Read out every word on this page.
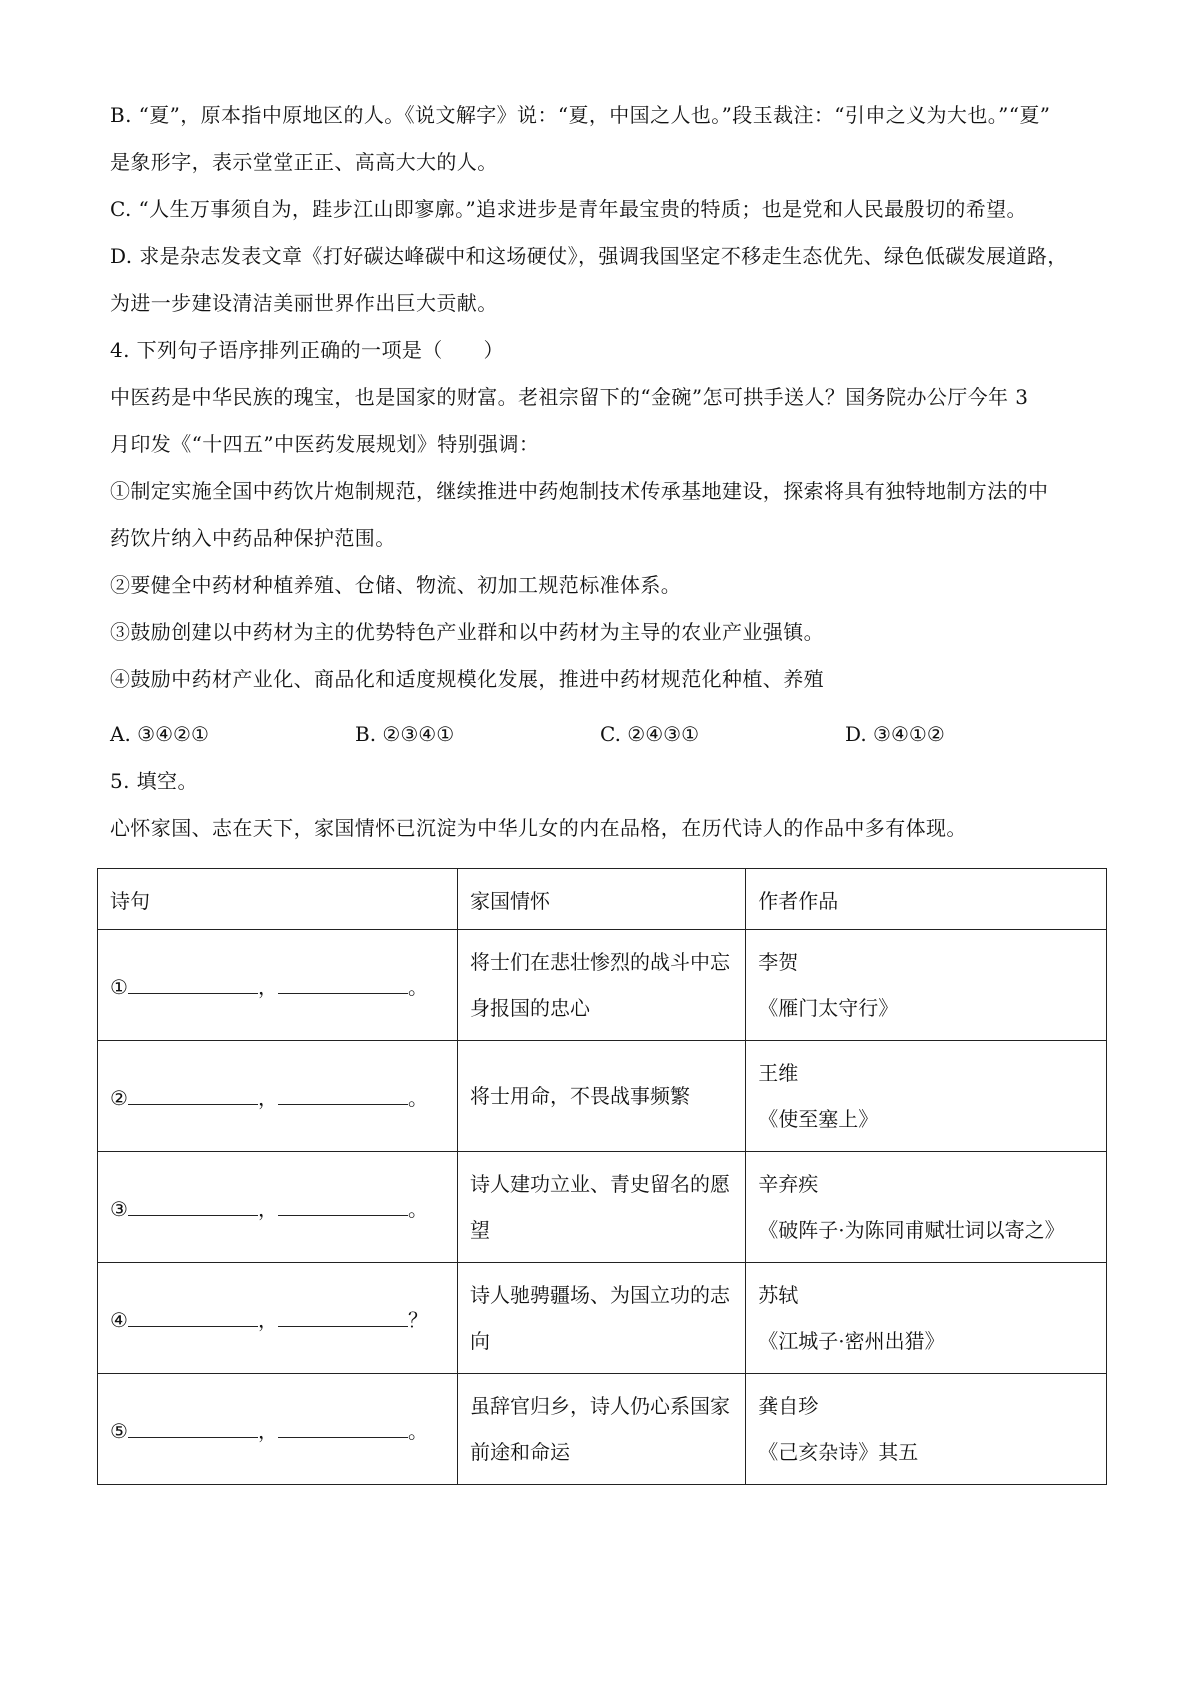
B. “夏”，原本指中原地区的人。《说文解字》说：“夏，中国之人也。”段玉裁注：“引申之义为大也。”“夏”

是象形字，表示堂堂正正、高高大大的人。

C. “人生万事须自为，跬步江山即寥廓。”追求进步是青年最宝贵的特质；也是党和人民最殷切的希望。

D. 求是杂志发表文章《打好碳达峰碳中和这场硬仗》，强调我国坚定不移走生态优先、绿色低碳发展道路，

为进一步建设清洁美丽世界作出巨大贡献。

4. 下列句子语序排列正确的一项是（　　）

中医药是中华民族的瑰宝，也是国家的财富。老祖宗留下的“金碗”怎可拱手送人？国务院办公厅今年 3

月印发《“十四五”中医药发展规划》特别强调：

①制定实施全国中药饮片炮制规范，继续推进中药炮制技术传承基地建设，探索将具有独特地制方法的中

药饮片纳入中药品种保护范围。

②要健全中药材种植养殖、仓储、物流、初加工规范标准体系。

③鼓励创建以中药材为主的优势特色产业群和以中药材为主导的农业产业强镇。

④鼓励中药材产业化、商品化和适度规模化发展，推进中药材规范化种植、养殖

A. ③④②①	B. ②③④①	C. ②④③①	D. ③④①②

5. 填空。

心怀家国、志在天下，家国情怀已沉淀为中华儿女的内在品格，在历代诗人的作品中多有体现。

诗句	家国情怀	作者作品
① ， 。	将士们在悲壮惨烈的战斗中忘身报国的忠心	李贺
《雁门太守行》

② ， 。	将士用命，不畏战事频繁	王维
《使至塞上》

③ ， 。	诗人建功立业、青史留名的愿望	辛弃疾
《破阵子·为陈同甫赋壮词以寄之》

④ ， ？	诗人驰骋疆场、为国立功的志向	苏轼
《江城子·密州出猎》

⑤ ， 。	虽辞官归乡，诗人仍心系国家前途和命运	龚自珍
《己亥杂诗》其五
